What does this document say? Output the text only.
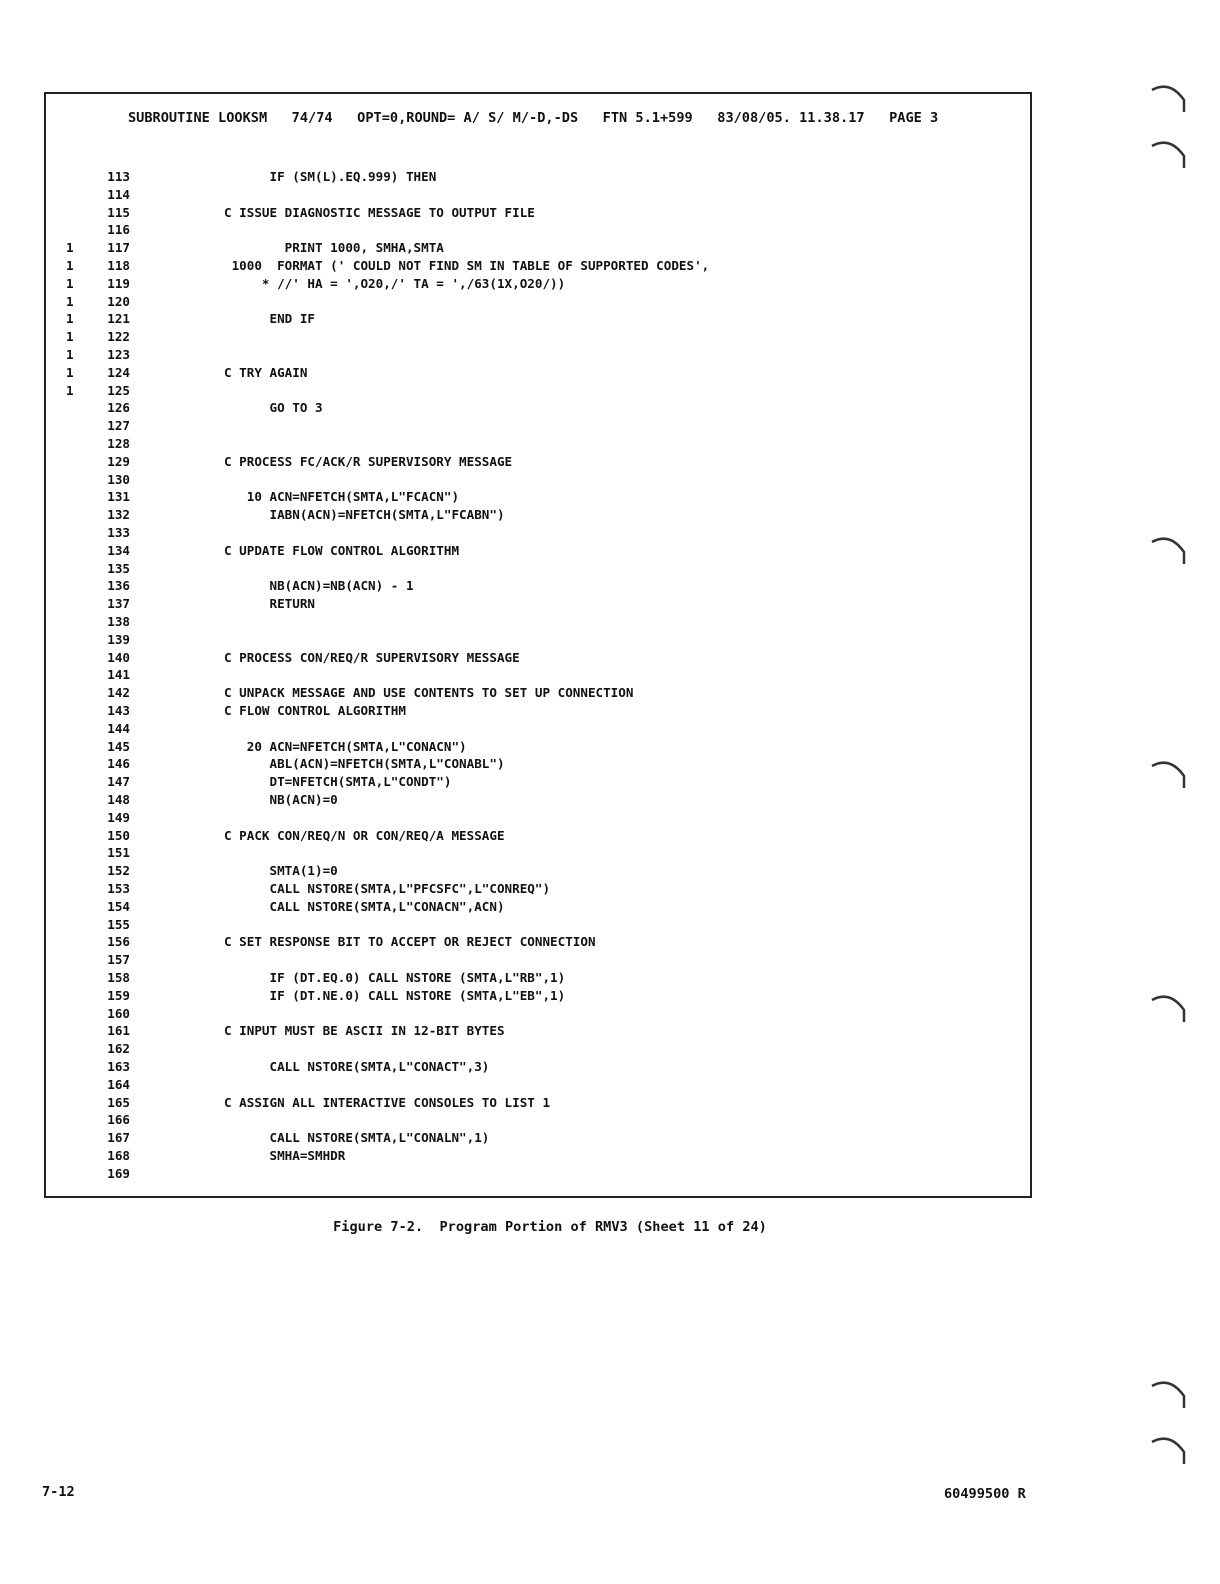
SUBROUTINE LOOKSM   74/74   OPT=0,ROUND= A/ S/ M/-D,-DS   FTN 5.1+599   83/08/05. 11.38.17   PAGE 3
113	IF (SM(L).EQ.999) THEN
114
115	C ISSUE DIAGNOSTIC MESSAGE TO OUTPUT FILE
116
1	117	PRINT 1000, SMHA,SMTA
1	118	1000  FORMAT (' COULD NOT FIND SM IN TABLE OF SUPPORTED CODES',
1	119	* //' HA = ',O20,/' TA = ',/63(1X,O20/))
1	120
1	121	END IF
1	122
1	123
1	124	C TRY AGAIN
1	125
126	GO TO 3
127
128
129	C PROCESS FC/ACK/R SUPERVISORY MESSAGE
130
131	10 ACN=NFETCH(SMTA,L"FCACN")
132	IABN(ACN)=NFETCH(SMTA,L"FCABN")
133
134	C UPDATE FLOW CONTROL ALGORITHM
135
136	NB(ACN)=NB(ACN) - 1
137	RETURN
138
139
140	C PROCESS CON/REQ/R SUPERVISORY MESSAGE
141
142	C UNPACK MESSAGE AND USE CONTENTS TO SET UP CONNECTION
143	C FLOW CONTROL ALGORITHM
144
145	20 ACN=NFETCH(SMTA,L"CONACN")
146	ABL(ACN)=NFETCH(SMTA,L"CONABL")
147	DT=NFETCH(SMTA,L"CONDT")
148	NB(ACN)=0
149
150	C PACK CON/REQ/N OR CON/REQ/A MESSAGE
151
152	SMTA(1)=0
153	CALL NSTORE(SMTA,L"PFCSFC",L"CONREQ")
154	CALL NSTORE(SMTA,L"CONACN",ACN)
155
156	C SET RESPONSE BIT TO ACCEPT OR REJECT CONNECTION
157
158	IF (DT.EQ.0) CALL NSTORE (SMTA,L"RB",1)
159	IF (DT.NE.0) CALL NSTORE (SMTA,L"EB",1)
160
161	C INPUT MUST BE ASCII IN 12-BIT BYTES
162
163	CALL NSTORE(SMTA,L"CONACT",3)
164
165	C ASSIGN ALL INTERACTIVE CONSOLES TO LIST 1
166
167	CALL NSTORE(SMTA,L"CONALN",1)
168	SMHA=SMHDR
169
Figure 7-2.  Program Portion of RMV3 (Sheet 11 of 24)
7-12	60499500 R
